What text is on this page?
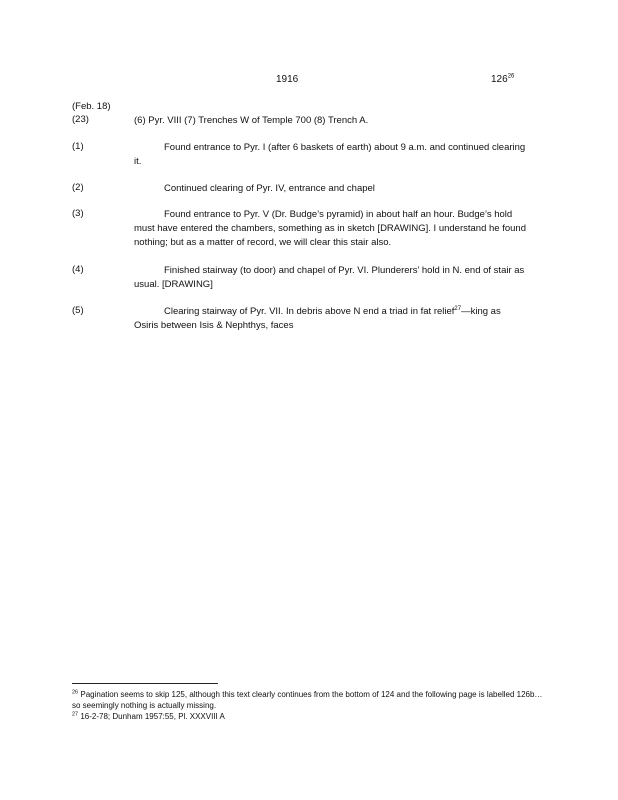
1916	$126^{26}$
(Feb. 18)
(23)	(6) Pyr. VIII (7) Trenches W of Temple 700 (8) Trench A.
(1)	Found entrance to Pyr. I (after 6 baskets of earth) about 9 a.m. and continued clearing it.
(2)	Continued clearing of Pyr. IV, entrance and chapel
(3)	Found entrance to Pyr. V (Dr. Budge’s pyramid) in about half an hour. Budge’s hold must have entered the chambers, something as in sketch [DRAWING]. I understand he found nothing; but as a matter of record, we will clear this stair also.
(4)	Finished stairway (to door) and chapel of Pyr. VI. Plunderers’ hold in N. end of stair as usual. [DRAWING]
(5)	Clearing stairway of Pyr. VII. In debris above N end a triad in fat relief$^{27}$—king as Osiris between Isis & Nephthys, faces
$^{26}$ Pagination seems to skip 125, although this text clearly continues from the bottom of 124 and the following page is labelled 126b…so seemingly nothing is actually missing.
$^{27}$ 16-2-78; Dunham 1957:55, Pl. XXXVIII A
